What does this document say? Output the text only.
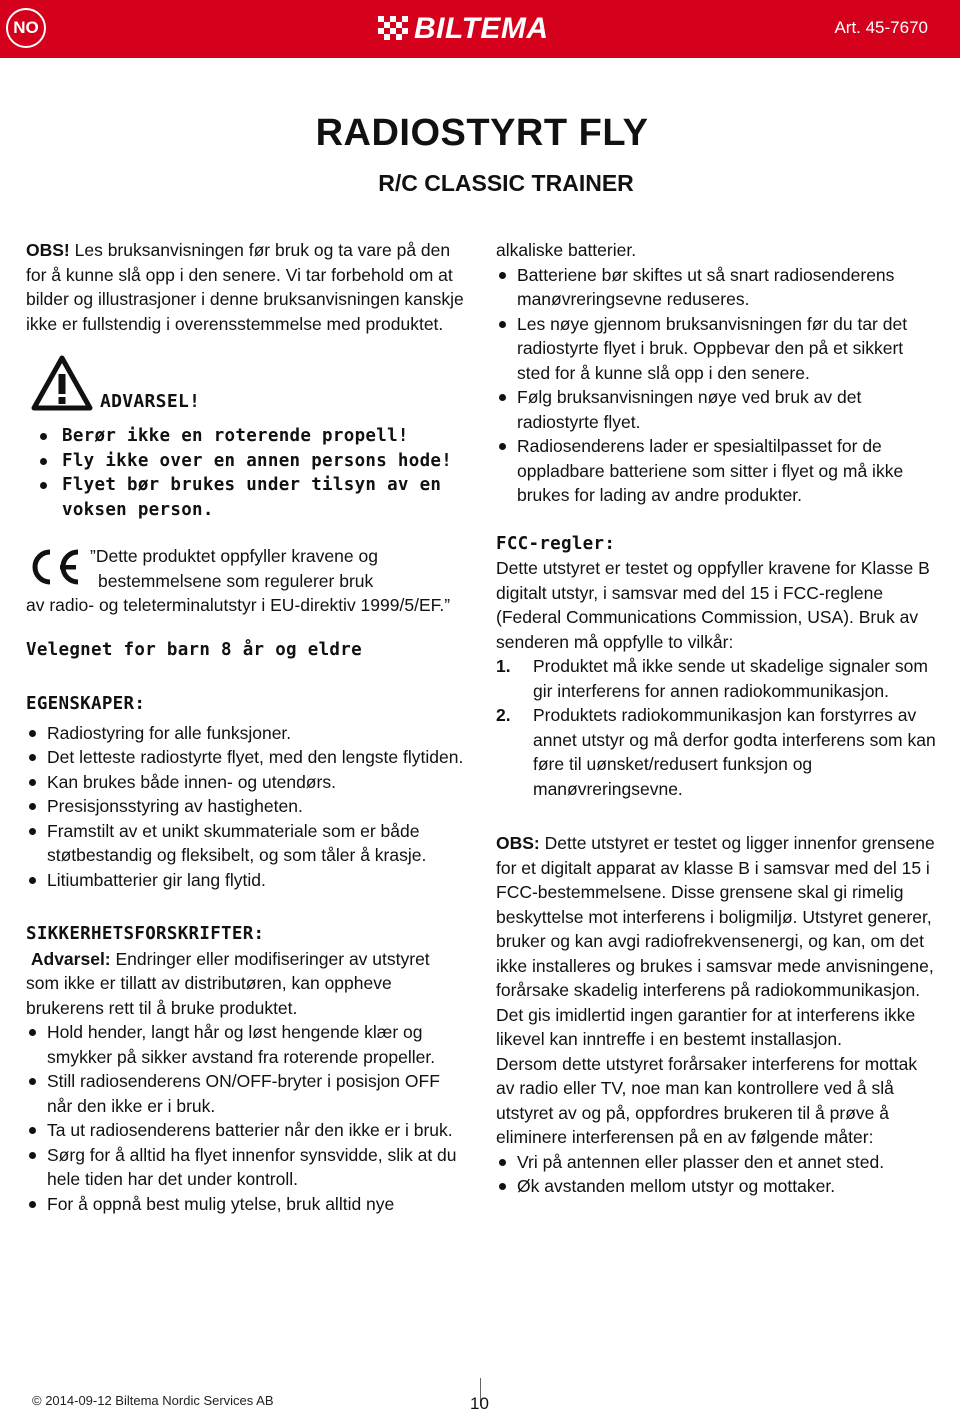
NO	BILTEMA	Art. 45-7670
RADIOSTYRT FLY
R/C CLASSIC TRAINER

OBS! Les bruksanvisningen før bruk og ta vare på den for å kunne slå opp i den senere. Vi tar forbehold om at bilder og illustrasjoner i denne bruksanvisningen kanskje ikke er fullstendig i overensstemmelse med produktet.

ADVARSEL!
Berør ikke en roterende propell!
Fly ikke over en annen persons hode!
Flyet bør brukes under tilsyn av en voksen person.

”Dette produktet oppfyller kravene og

bestemmelsene som regulerer bruk

av radio- og teleterminalutstyr i EU-direktiv 1999/5/EF.”

Velegnet for barn 8 år og eldre

EGENSKAPER:

Radiostyring for alle funksjoner.
Det letteste radiostyrte flyet, med den lengste flytiden.
Kan brukes både innen- og utendørs.
Presisjonsstyring av hastigheten.
Framstilt av et unikt skummateriale som er både støtbestandig og fleksibelt, og som tåler å krasje.
Litiumbatterier gir lang flytid.

SIKKERHETSFORSKRIFTER:

Advarsel: Endringer eller modifiseringer av utstyret som ikke er tillatt av distributøren, kan oppheve brukerens rett til å bruke produktet.

Hold hender, langt hår og løst hengende klær og smykker på sikker avstand fra roterende propeller.
Still radiosenderens ON/OFF-bryter i posisjon OFF når den ikke er i bruk.
Ta ut radiosenderens batterier når den ikke er i bruk.
Sørg for å alltid ha flyet innenfor synsvidde, slik at du hele tiden har det under kontroll.
For å oppnå best mulig ytelse, bruk alltid nye

alkaliske batterier.

Batteriene bør skiftes ut så snart radiosenderens manøvreringsevne reduseres.
Les nøye gjennom bruksanvisningen før du tar det radiostyrte flyet i bruk. Oppbevar den på et sikkert sted for å kunne slå opp i den senere.
Følg bruksanvisningen nøye ved bruk av det radiostyrte flyet.
Radiosenderens lader er spesialtilpasset for de oppladbare batteriene som sitter i flyet og må ikke brukes for lading av andre produkter.

FCC-regler:

Dette utstyret er testet og oppfyller kravene for Klasse B digitalt utstyr, i samsvar med del 15 i FCC-reglene (Federal Communications Commission, USA). Bruk av senderen må oppfylle to vilkår:

1. Produktet må ikke sende ut skadelige signaler som gir interferens for annen radiokommunikasjon.
2. Produktets radiokommunikasjon kan forstyrres av annet utstyr og må derfor godta interferens som kan føre til uønsket/redusert funksjon og manøvreringsevne.

OBS: Dette utstyret er testet og ligger innenfor grensene for et digitalt apparat av klasse B i samsvar med del 15 i FCC-bestemmelsene. Disse grensene skal gi rimelig beskyttelse mot interferens i boligmiljø. Utstyret generer, bruker og kan avgi radiofrekvensenergi, og kan, om det ikke installeres og brukes i samsvar mede anvisningene, forårsake skadelig interferens på radiokommunikasjon. Det gis imidlertid ingen garantier for at interferens ikke likevel kan inntreffe i en bestemt installasjon.

Dersom dette utstyret forårsaker interferens for mottak av radio eller TV, noe man kan kontrollere ved å slå utstyret av og på, oppfordres brukeren til å prøve å eliminere interferensen på en av følgende måter:

Vri på antennen eller plasser den et annet sted.
Øk avstanden mellom utstyr og mottaker.
© 2014-09-12 Biltema Nordic Services AB	10
